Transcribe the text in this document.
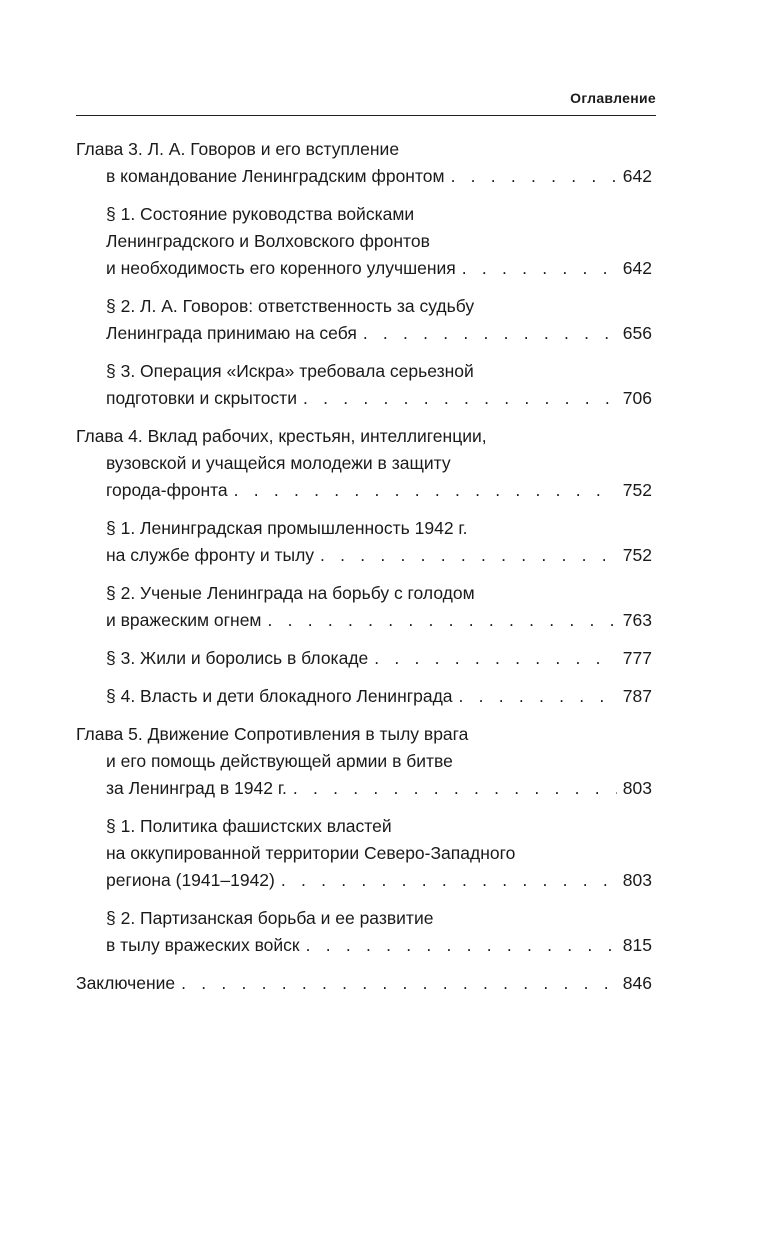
Оглавление
Глава 3. Л. А. Говоров и его вступление
в командование Ленинградским фронтом . . .	642
§ 1. Состояние руководства войсками
Ленинградского и Волховского фронтов
и необходимость его коренного улучшения . . .	642
§ 2. Л. А. Говоров: ответственность за судьбу
Ленинграда принимаю на себя . . .	656
§ 3. Операция «Искра» требовала серьезной
подготовки и скрытости . . .	706
Глава 4. Вклад рабочих, крестьян, интеллигенции,
вузовской и учащейся молодежи в защиту
города-фронта . . .	752
§ 1. Ленинградская промышленность 1942 г.
на службе фронту и тылу . . .	752
§ 2. Ученые Ленинграда на борьбу с голодом
и вражеским огнем . . .	763
§ 3. Жили и боролись в блокаде . . .	777
§ 4. Власть и дети блокадного Ленинграда . . .	787
Глава 5. Движение Сопротивления в тылу врага
и его помощь действующей армии в битве
за Ленинград в 1942 г. . . .	803
§ 1. Политика фашистских властей
на оккупированной территории Северо-Западного
региона (1941–1942) . . .	803
§ 2. Партизанская борьба и ее развитие
в тылу вражеских войск . . .	815
Заключение . . .	846
